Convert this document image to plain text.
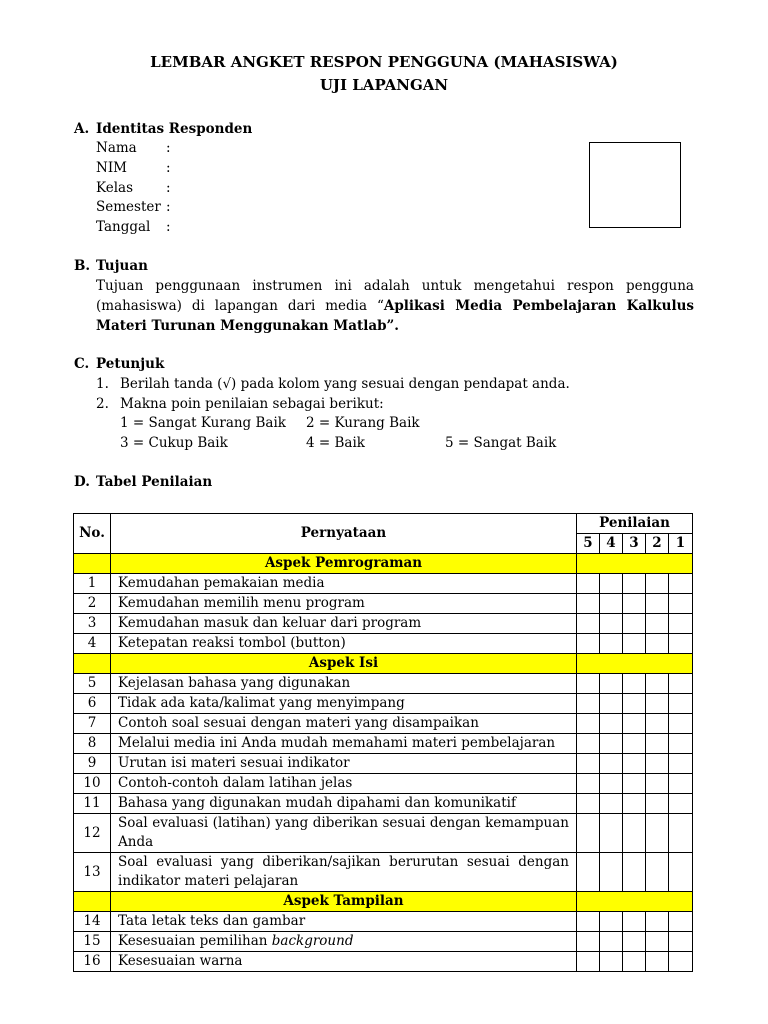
LEMBAR ANGKET RESPON PENGGUNA (MAHASISWA)
UJI LAPANGAN
A. Identitas Responden
Nama :
NIM	:
Kelas :
Semester :
Tanggal :
B. Tujuan
Tujuan penggunaan instrumen ini adalah untuk mengetahui respon pengguna (mahasiswa) di lapangan dari media “Aplikasi Media Pembelajaran Kalkulus Materi Turunan Menggunakan Matlab”.
C. Petunjuk
1. Berilah tanda (√) pada kolom yang sesuai dengan pendapat anda.
2. Makna poin penilaian sebagai berikut:
1 = Sangat Kurang Baik 2 = Kurang Baik
3 = Cukup Baik	4 = Baik	5 = Sangat Baik
D. Tabel Penilaian
No.	Pernyataan	Penilaian				
		5	4	3	2	1
	Aspek Pemrograman					
1	Kemudahan pemakaian media					
2	Kemudahan memilih menu program					
3	Kemudahan masuk dan keluar dari program					
4	Ketepatan reaksi tombol (button)					
	Aspek Isi					
5	Kejelasan bahasa yang digunakan					
6	Tidak ada kata/kalimat yang menyimpang					
7	Contoh soal sesuai dengan materi yang disampaikan					
8	Melalui media ini Anda mudah memahami materi pembelajaran					
9	Urutan isi materi sesuai indikator					
10	Contoh-contoh dalam latihan jelas					
11	Bahasa yang digunakan mudah dipahami dan komunikatif					
12	Soal evaluasi (latihan) yang diberikan sesuai dengan kemampuan Anda					
13	Soal evaluasi yang diberikan/sajikan berurutan sesuai dengan indikator materi pelajaran					
	Aspek Tampilan					
14	Tata letak teks dan gambar					
15	Kesesuaian pemilihan background					
16	Kesesuaian warna					
